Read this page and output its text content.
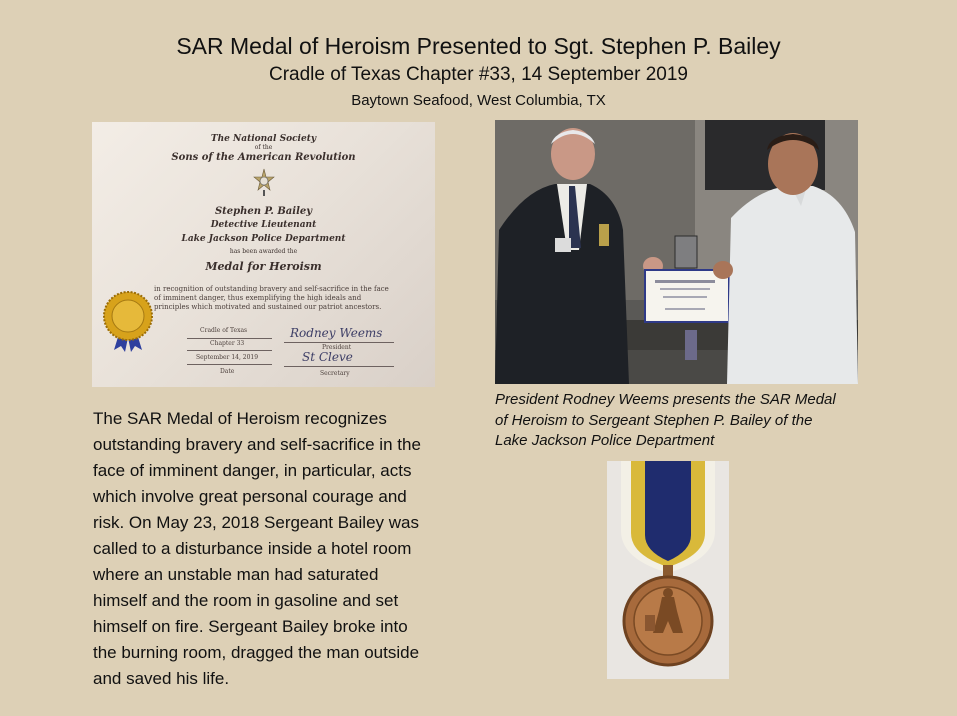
SAR Medal of Heroism Presented to Sgt. Stephen P. Bailey
Cradle of Texas Chapter #33, 14 September 2019
Baytown Seafood, West Columbia, TX
The National Society
of the
Sons of the American Revolution
Stephen P. Bailey
Detective Lieutenant
Lake Jackson Police Department
has been awarded the
Medal for Heroism
in recognition of outstanding bravery and self-sacrifice in the face
of imminent danger, thus exemplifying the high ideals and
principles which motivated and sustained our patriot ancestors.
Cradle of Texas
Chapter 33
September 14, 2019
Date
Rodney Weems
President
St Cleve
Secretary
President Rodney Weems presents the SAR Medal
of Heroism to Sergeant Stephen P. Bailey of the
Lake Jackson Police Department
The SAR Medal of Heroism recognizes
outstanding bravery and self-sacrifice in the
face of imminent danger, in particular, acts
which involve great personal courage and
risk. On May 23, 2018 Sergeant Bailey was
called to a disturbance inside a hotel room
where an unstable man had saturated
himself and the room in gasoline and set
himself on fire. Sergeant Bailey broke into
the burning room, dragged the man outside
and saved his life.
